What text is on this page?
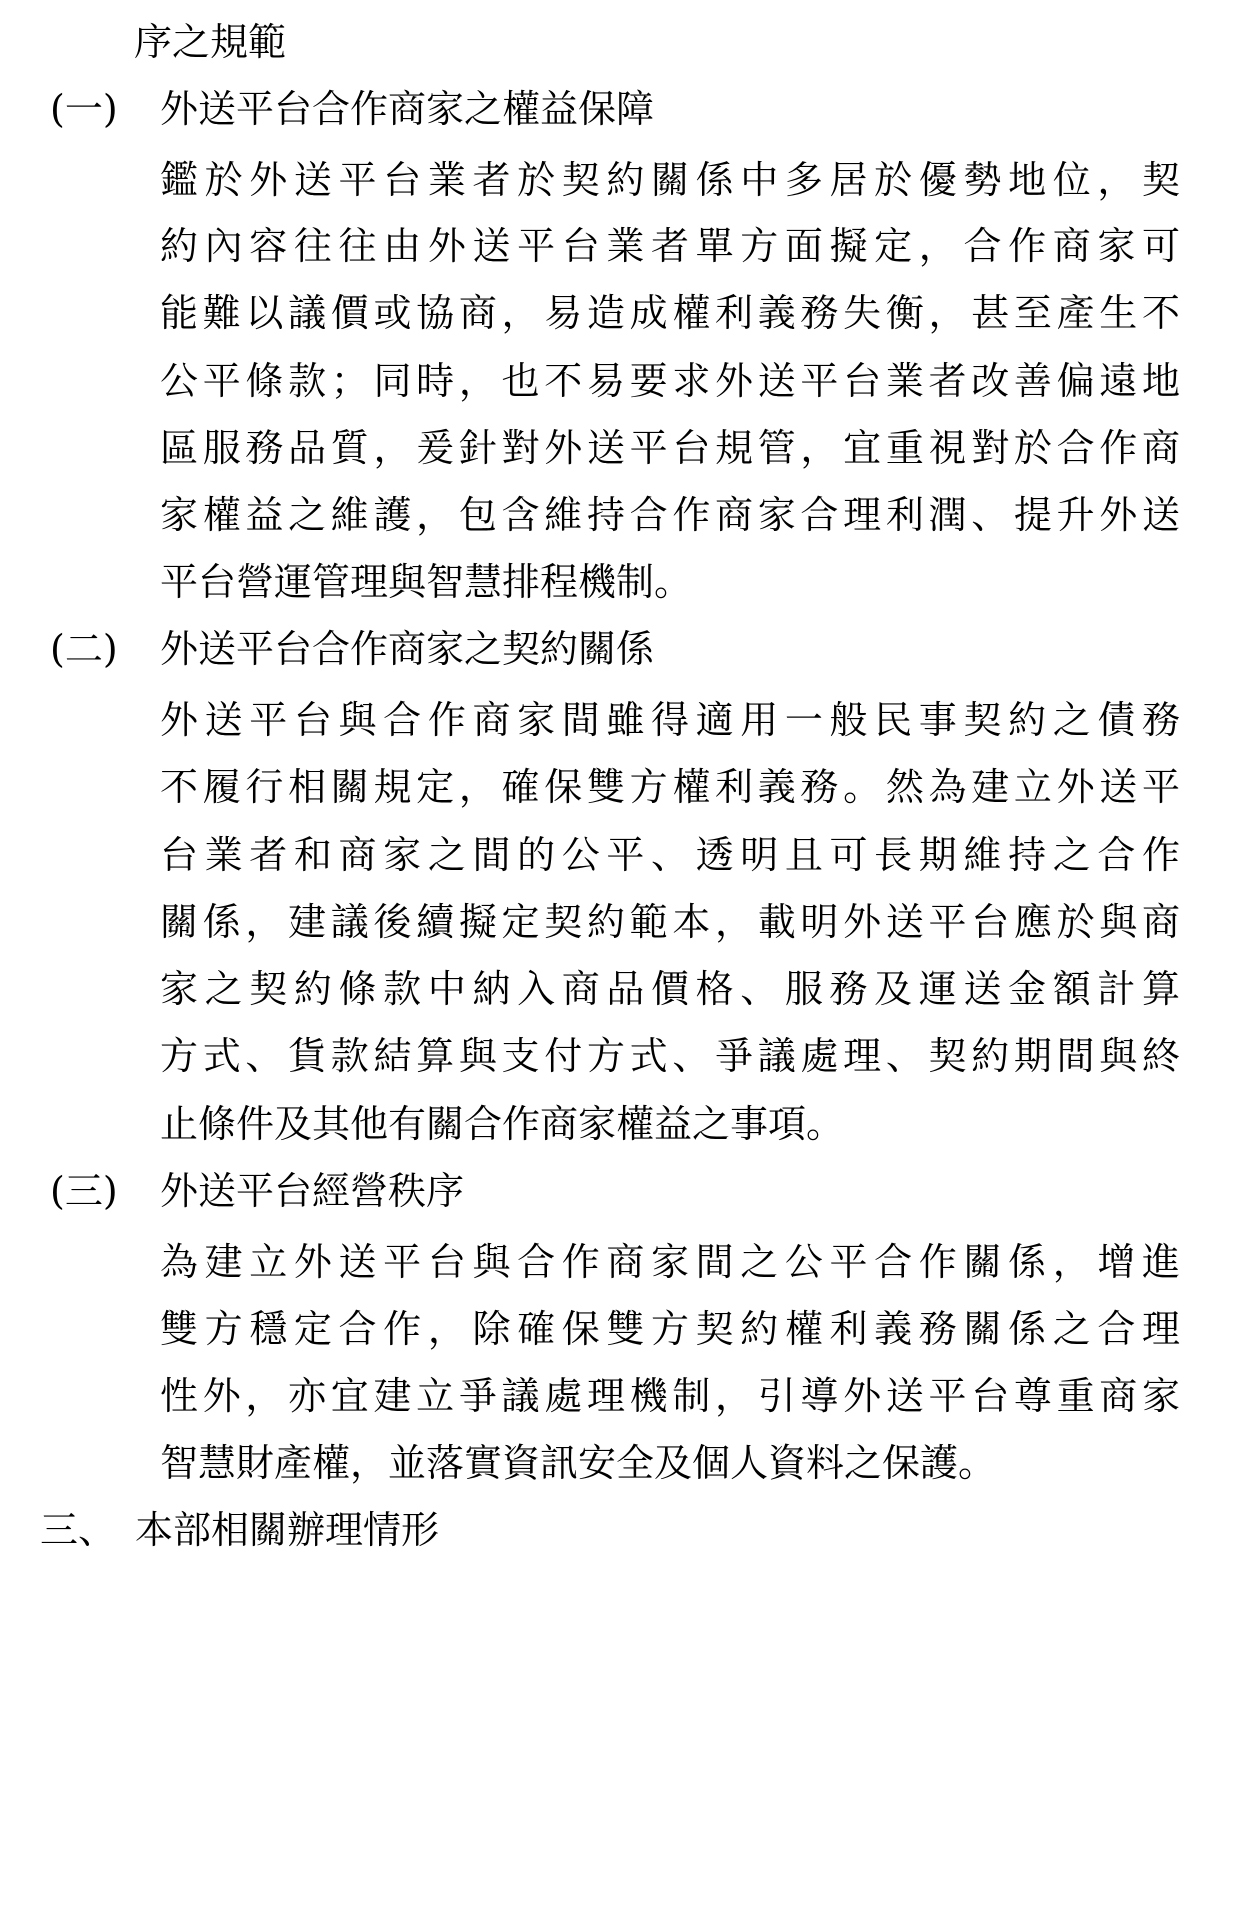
序之規範
(一) 外送平台合作商家之權益保障
鑑於外送平台業者於契約關係中多居於優勢地位，契
約內容往往由外送平台業者單方面擬定，合作商家可
能難以議價或協商，易造成權利義務失衡，甚至產生不
公平條款；同時，也不易要求外送平台業者改善偏遠地
區服務品質，爰針對外送平台規管，宜重視對於合作商
家權益之維護，包含維持合作商家合理利潤、提升外送
平台營運管理與智慧排程機制。
(二) 外送平台合作商家之契約關係
外送平台與合作商家間雖得適用一般民事契約之債務
不履行相關規定，確保雙方權利義務。然為建立外送平
台業者和商家之間的公平、透明且可長期維持之合作
關係，建議後續擬定契約範本，載明外送平台應於與商
家之契約條款中納入商品價格、服務及運送金額計算
方式、貨款結算與支付方式、爭議處理、契約期間與終
止條件及其他有關合作商家權益之事項。
(三) 外送平台經營秩序
為建立外送平台與合作商家間之公平合作關係，增進
雙方穩定合作，除確保雙方契約權利義務關係之合理
性外，亦宜建立爭議處理機制，引導外送平台尊重商家
智慧財產權，並落實資訊安全及個人資料之保護。
三、 本部相關辦理情形
